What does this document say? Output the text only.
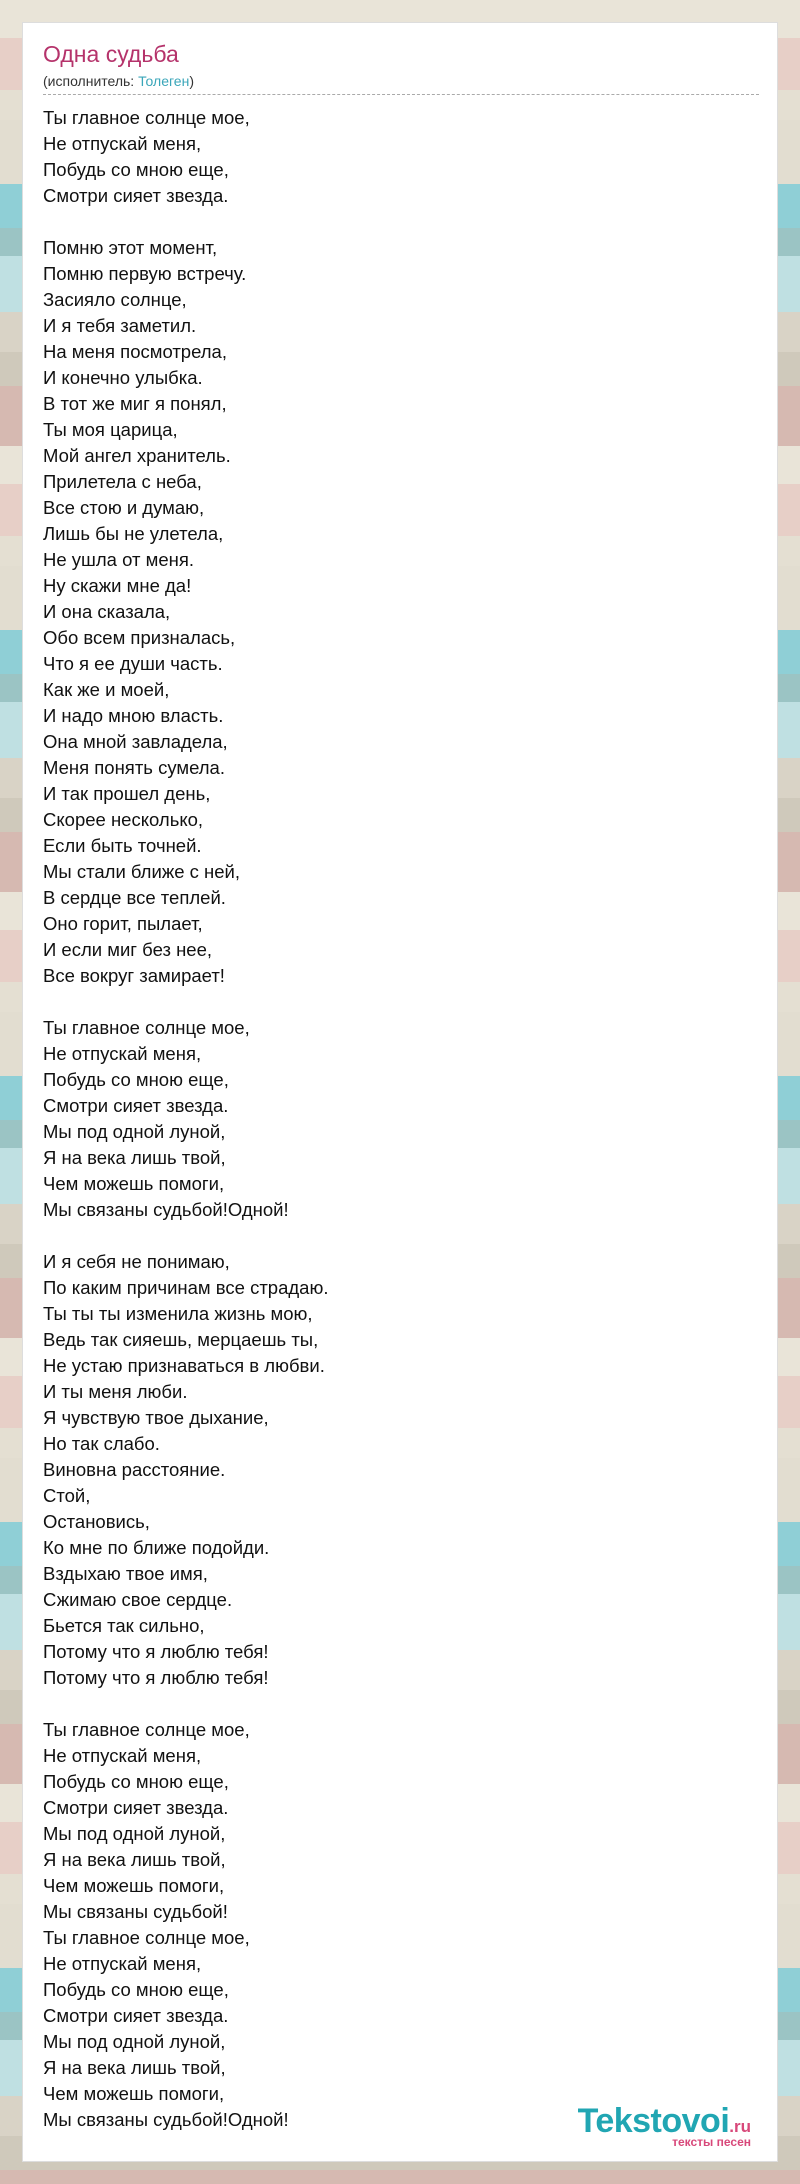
Одна судьба
(исполнитель: Толеген)
Ты главное солнце мое,
Не отпускай меня,
Побудь со мною еще,
Смотри сияет звезда.
Помню этот момент,
Помню первую встречу.
Засияло солнце,
И я тебя заметил.
На меня посмотрела,
И конечно улыбка.
В тот же миг я понял,
Ты моя царица,
Мой ангел хранитель.
Прилетела с неба,
Все стою и думаю,
Лишь бы не улетела,
Не ушла от меня.
Ну скажи мне да!
И она сказала,
Обо всем призналась,
Что я ее души часть.
Как же и моей,
И надо мною власть.
Она мной завладела,
Меня понять сумела.
И так прошел день,
Скорее несколько,
Если быть точней.
Мы стали ближе с ней,
В сердце все теплей.
Оно горит, пылает,
И если миг без нее,
Все вокруг замирает!
Ты главное солнце мое,
Не отпускай меня,
Побудь со мною еще,
Смотри сияет звезда.
Мы под одной луной,
Я на века лишь твой,
Чем можешь помоги,
Мы связаны судьбой!Одной!
И я себя не понимаю,
По каким причинам все страдаю.
Ты ты ты изменила жизнь мою,
Ведь так сияешь, мерцаешь ты,
Не устаю признаваться в любви.
И ты меня люби.
Я чувствую твое дыхание,
Но так слабо.
Виновна расстояние.
Стой,
Остановись,
Ко мне по ближе подойди.
Вздыхаю твое имя,
Сжимаю свое сердце.
Бьется так сильно,
Потому что я люблю тебя!
Потому что я люблю тебя!
Ты главное солнце мое,
Не отпускай меня,
Побудь со мною еще,
Смотри сияет звезда.
Мы под одной луной,
Я на века лишь твой,
Чем можешь помоги,
Мы связаны судьбой!
Ты главное солнце мое,
Не отпускай меня,
Побудь со мною еще,
Смотри сияет звезда.
Мы под одной луной,
Я на века лишь твой,
Чем можешь помоги,
Мы связаны судьбой!Одной!	Tekstovoi.ru
тексты песен
